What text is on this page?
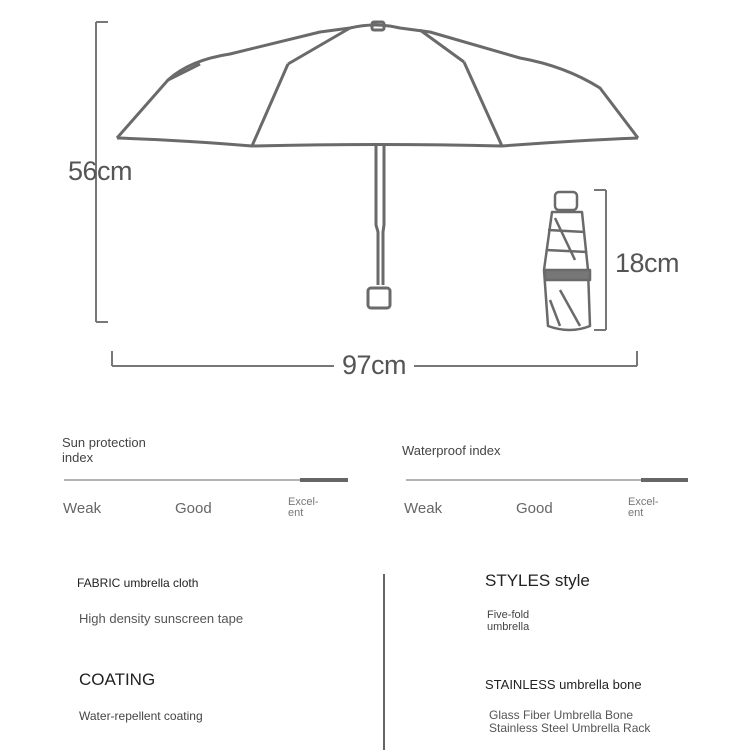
56cm
97cm
18cm
Sun protection index
Weak	Good	Excel-ent
Waterproof index
Weak	Good	Excel-ent
FABRIC umbrella cloth
High density sunscreen tape
COATING
Water-repellent coating
STYLES style
Five-fold umbrella
STAINLESS umbrella bone
Glass Fiber Umbrella Bone
Stainless Steel Umbrella Rack
